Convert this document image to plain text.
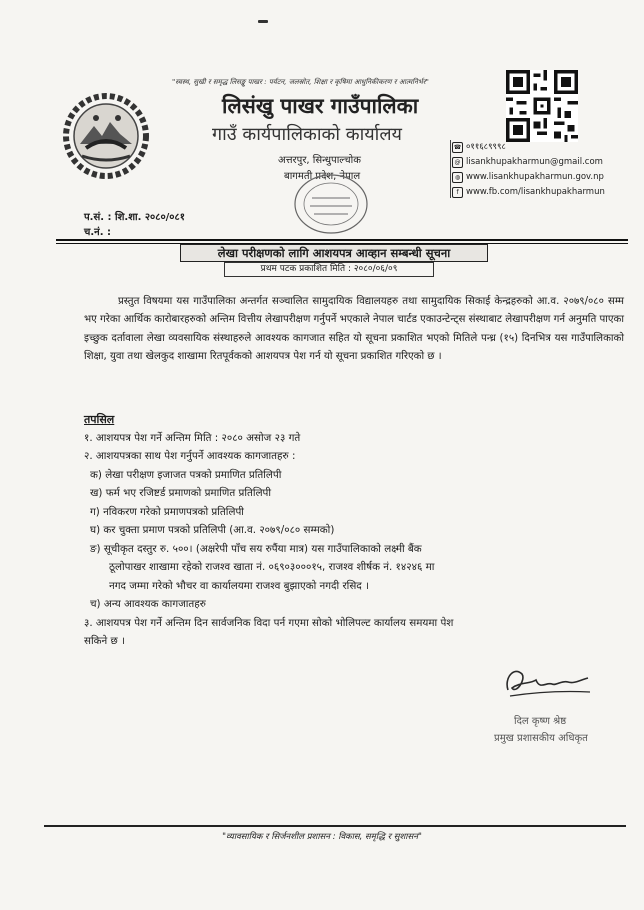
"स्वस्थ, सुखी र समृद्ध लिसङ्खु पाखर : पर्यटन, जलस्रोत, शिक्षा र कृषिमा आधुनिकीकरण र आत्मनिर्भर"
लिसंखु पाखर गाउँपालिका
गाउँ कार्यपालिकाको कार्यालय
अत्तरपुर, सिन्धुपाल्चोक
बागमती प्रदेश, नेपाल
☎ ०११६८९९९८
@ lisankhupakharmun@gmail.com
◍ www.lisankhupakharmun.gov.np
f www.fb.com/lisankhupakharmun
प.सं. : शि.शा. २०८०/०८१
च.नं. :
लेखा परीक्षणको लागि आशयपत्र आव्हान सम्बन्धी सूचना
प्रथम पटक प्रकाशित मिति : २०८०/०६/०९
प्रस्तुत विषयमा यस गाउँपालिका अन्तर्गत सञ्चालित सामुदायिक विद्यालयहरु तथा सामुदायिक सिकाई केन्द्रहरुको आ.व. २०७९/०८० सम्म भए गरेका आर्थिक कारोबारहरुको अन्तिम वित्तीय लेखापरीक्षण गर्नुपर्ने भएकाले नेपाल चार्टड एकाउन्टेन्ट्स संस्थाबाट लेखापरीक्षण गर्न अनुमति पाएका इच्छुक दर्तावाला लेखा व्यवसायिक संस्थाहरुले आवश्यक कागजात सहित यो सूचना प्रकाशित भएको मितिले पन्ध्र (१५) दिनभित्र यस गाउँपालिकाको शिक्षा, युवा तथा खेलकुद शाखामा रितपूर्वकको आशयपत्र पेश गर्न यो सूचना प्रकाशित गरिएको छ ।
तपसिल
१. आशयपत्र पेश गर्ने अन्तिम मिति : २०८० असोज २३ गते
२. आशयपत्रका साथ पेश गर्नुपर्ने आवश्यक कागजातहरु :
क) लेखा परीक्षण इजाजत पत्रको प्रमाणित प्रतिलिपी
ख) फर्म भए रजिष्टर्ड प्रमाणको प्रमाणित प्रतिलिपी
ग) नविकरण गरेको प्रमाणपत्रको प्रतिलिपी
घ) कर चुक्ता प्रमाण पत्रको प्रतिलिपी (आ.व. २०७९/०८० सम्मको)
ङ) सूचीकृत दस्तुर रु. ५००। (अक्षरेपी पाँच सय रुपैंया मात्र) यस गाउँपालिकाको लक्ष्मी बैंक
ठूलोपाखर शाखामा रहेको राजश्व खाता नं. ०६९०३०००१५, राजश्व शीर्षक नं. १४२४६ मा
नगद जम्मा गरेको भौचर वा कार्यालयमा राजश्व बुझाएको नगदी रसिद ।
च) अन्य आवश्यक कागजातहरु
३. आशयपत्र पेश गर्ने अन्तिम दिन सार्वजनिक विदा पर्न गएमा सोको भोलिपल्ट कार्यालय समयमा पेश
सकिने छ ।
दिल कृष्ण श्रेष्ठ
प्रमुख प्रशासकीय अधिकृत
"व्यावसायिक र सिर्जनशील प्रशासन : विकास, समृद्धि र सुशासन"
